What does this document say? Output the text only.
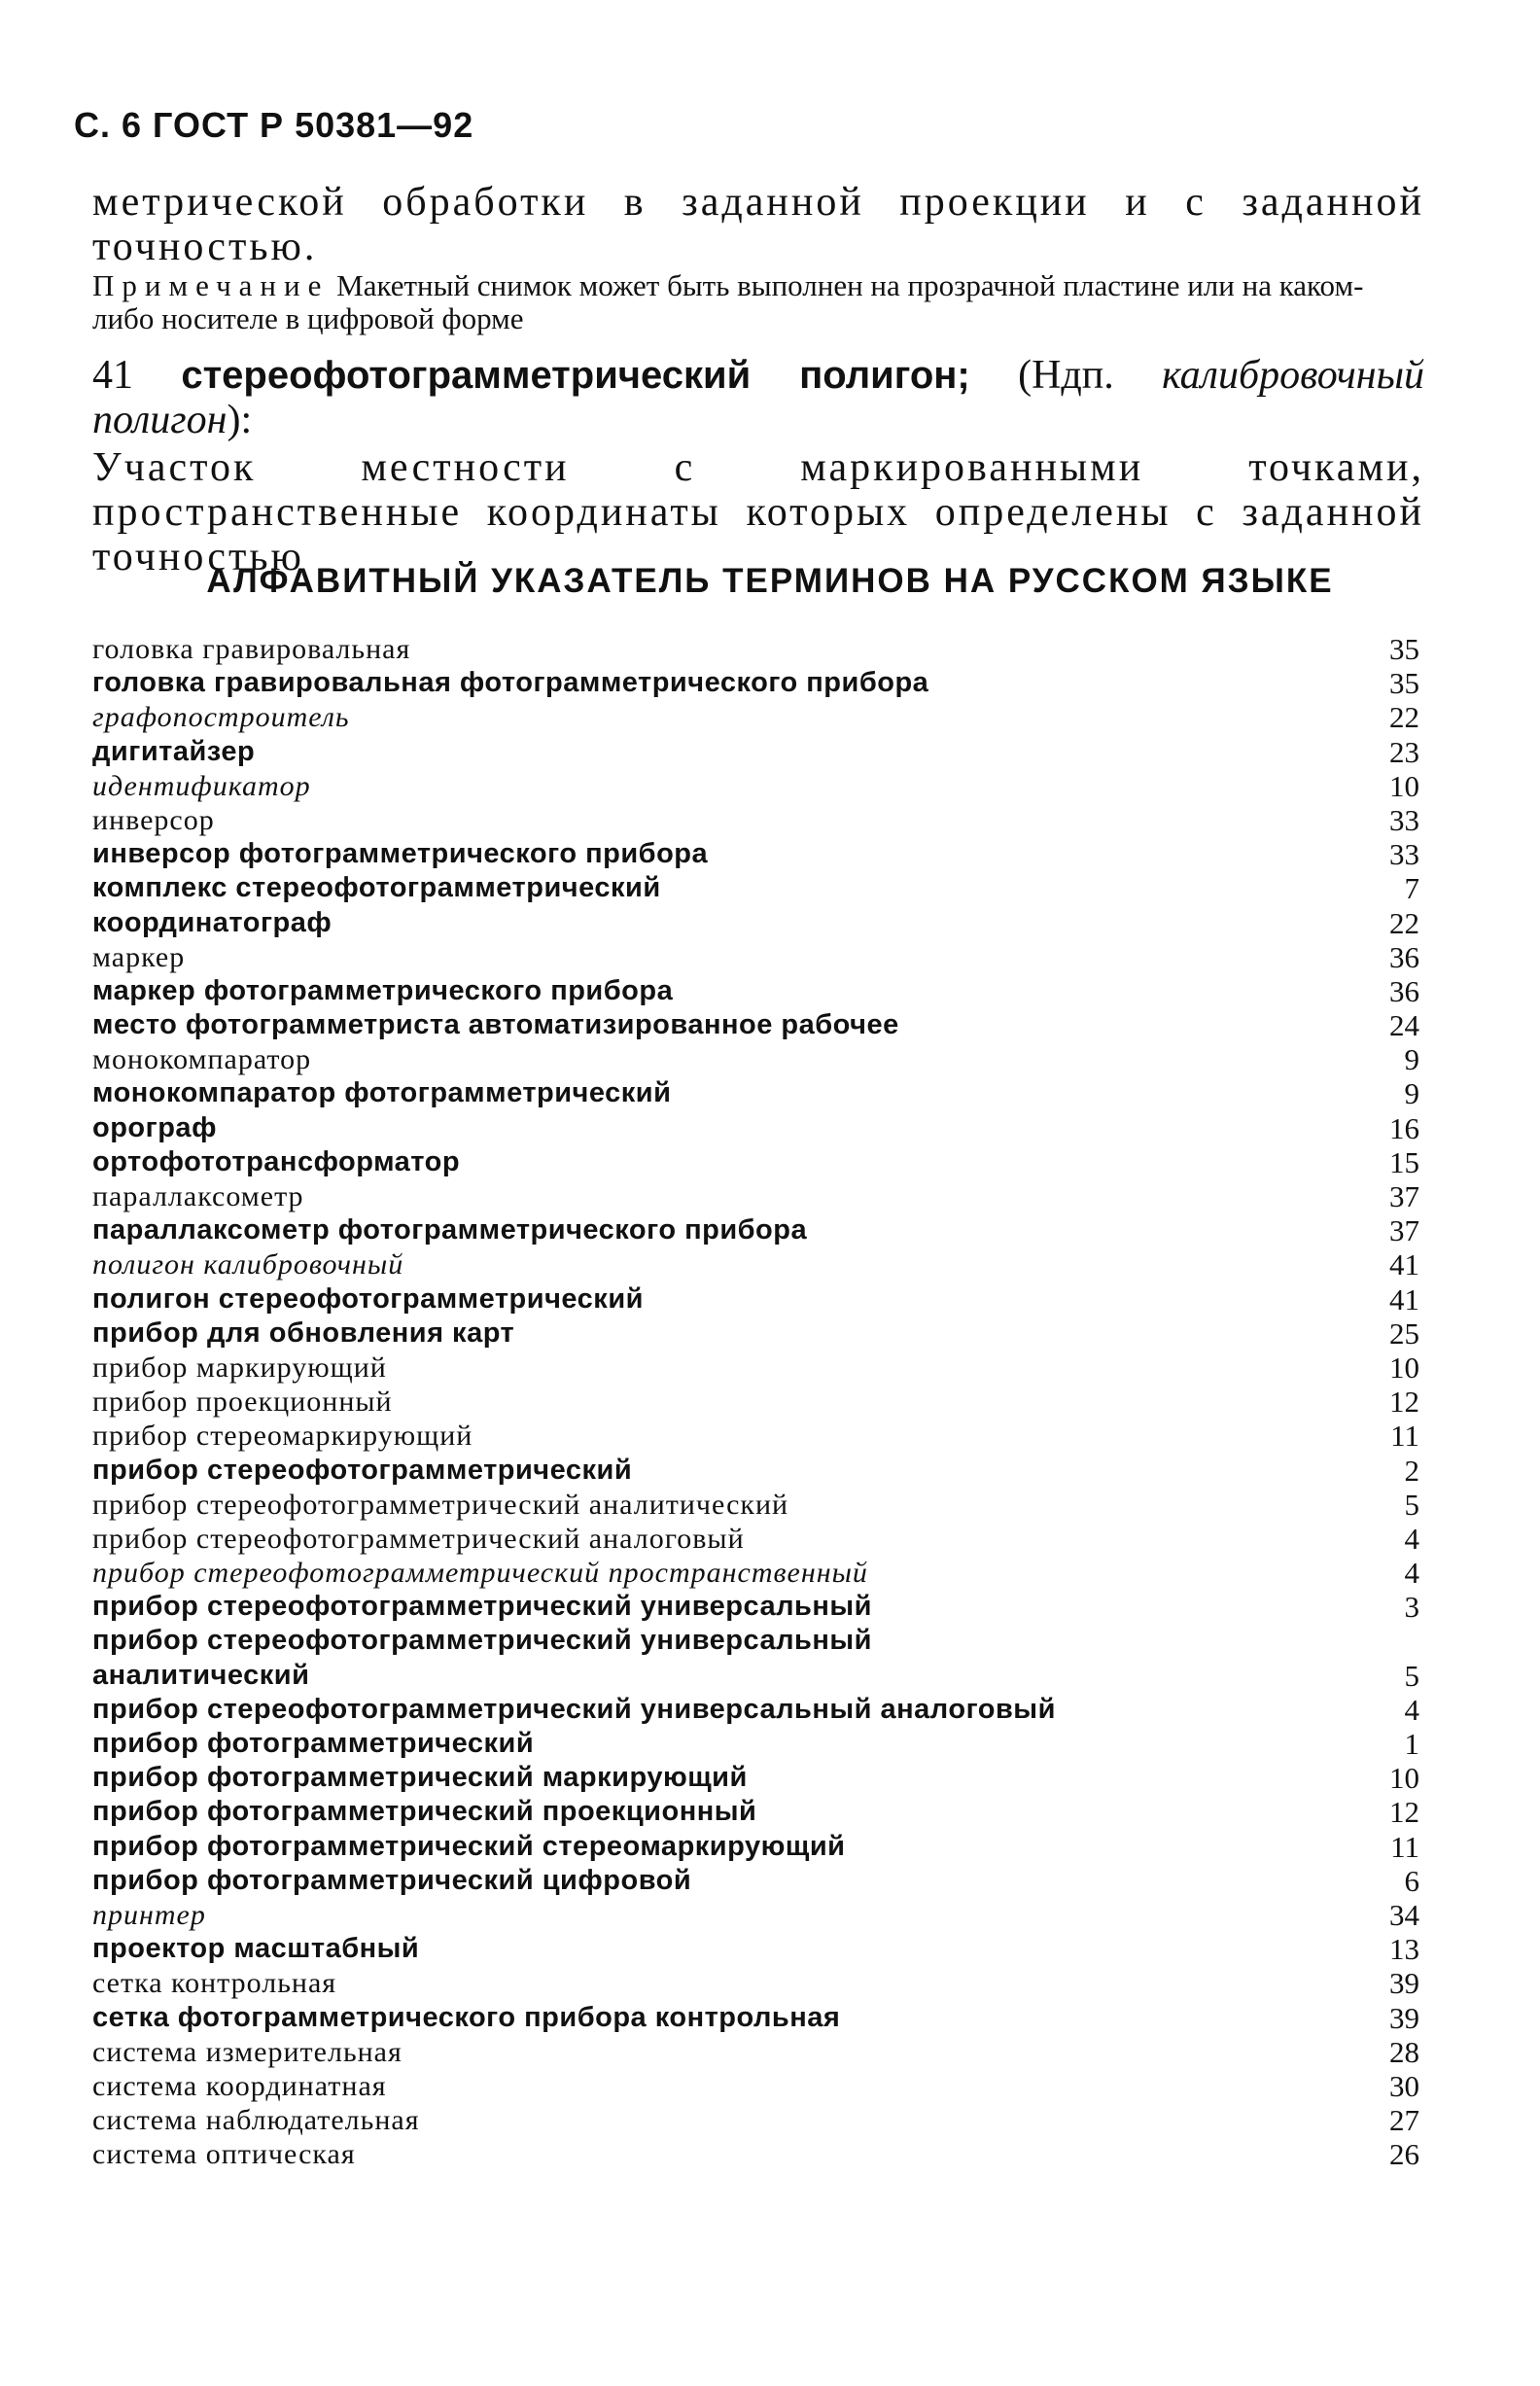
С. 6 ГОСТ Р 50381—92
метрической обработки в заданной проекции и с заданной точностью.
Примечание Макетный снимок может быть выполнен на прозрачной пластине или на каком-либо носителе в цифровой форме
41 стереофотограмметрический полигон; (Ндп. калибровочный полигон):
Участок местности с маркированными точками, пространственные координаты которых определены с заданной точностью
АЛФАВИТНЫЙ УКАЗАТЕЛЬ ТЕРМИНОВ НА РУССКОМ ЯЗЫКЕ
головка гравировальная	35
головка гравировальная фотограмметрического прибора	35
графопостроитель	22
дигитайзер	23
идентификатор	10
инверсор	33
инверсор фотограмметрического прибора	33
комплекс стереофотограмметрический	7
координатограф	22
маркер	36
маркер фотограмметрического прибора	36
место фотограмметриста автоматизированное рабочее	24
монокомпаратор	9
монокомпаратор фотограмметрический	9
орограф	16
ортофототрансформатор	15
параллаксометр	37
параллаксометр фотограмметрического прибора	37
полигон калибровочный	41
полигон стереофотограмметрический	41
прибор для обновления карт	25
прибор маркирующий	10
прибор проекционный	12
прибор стереомаркирующий	11
прибор стереофотограмметрический	2
прибор стереофотограмметрический аналитический	5
прибор стереофотограмметрический аналоговый	4
прибор стереофотограмметрический пространственный	4
прибор стереофотограмметрический универсальный	3
прибор стереофотограмметрический универсальный
аналитический	5
прибор стереофотограмметрический универсальный аналоговый	4
прибор фотограмметрический	1
прибор фотограмметрический маркирующий	10
прибор фотограмметрический проекционный	12
прибор фотограмметрический стереомаркирующий	11
прибор фотограмметрический цифровой	6
принтер	34
проектор масштабный	13
сетка контрольная	39
сетка фотограмметрического прибора контрольная	39
система измерительная	28
система координатная	30
система наблюдательная	27
система оптическая	26
